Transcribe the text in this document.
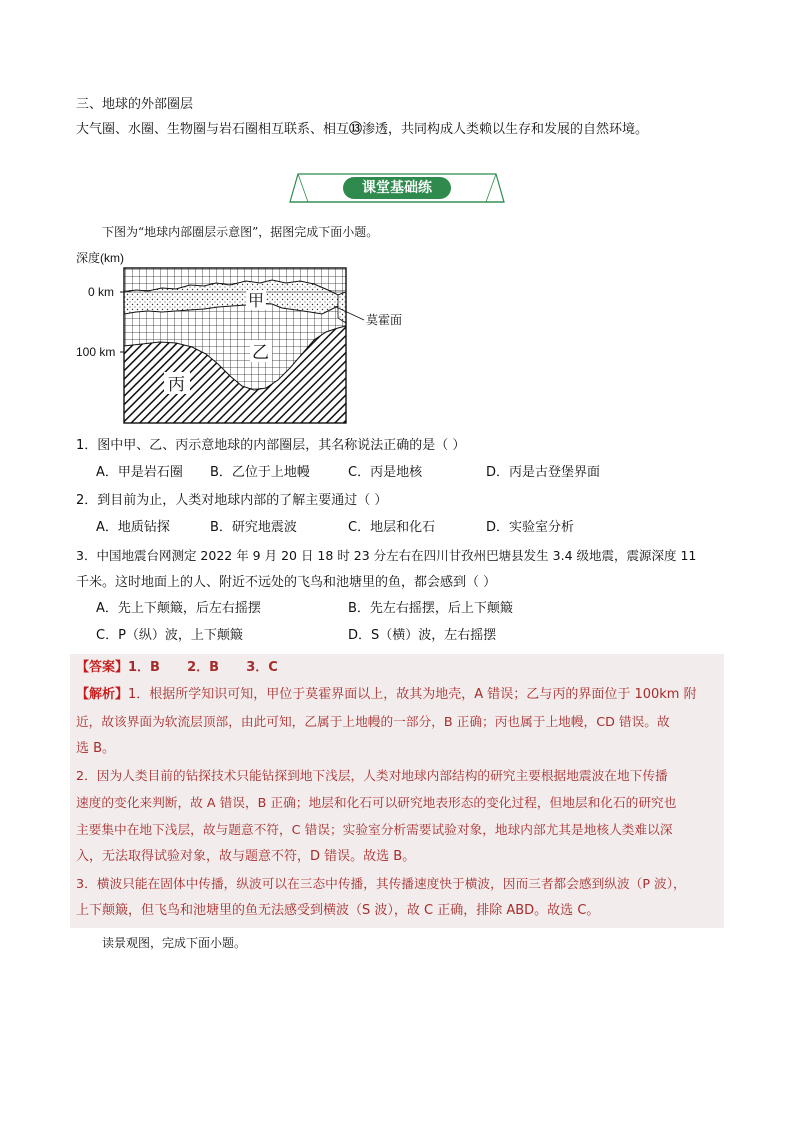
三、地球的外部圈层
大气圈、水圈、生物圈与岩石圈相互联系、相互⑬渗透，共同构成人类赖以生存和发展的自然环境。
课堂基础练
下图为“地球内部圈层示意图”，据图完成下面小题。
深度(km)
0 km
100 km
甲
乙
丙
莫霍面
1．图中甲、乙、丙示意地球的内部圈层，其名称说法正确的是（ ）
A．甲是岩石圈 B．乙位于上地幔	C．丙是地核	D．丙是古登堡界面
2．到目前为止，人类对地球内部的了解主要通过（ ）
A．地质钻探	B．研究地震波	C．地层和化石	D．实验室分析
3．中国地震台网测定 2022 年 9 月 20 日 18 时 23 分左右在四川甘孜州巴塘县发生 3.4 级地震，震源深度 11
千米。这时地面上的人、附近不远处的飞鸟和池塘里的鱼，都会感到（ ）
A．先上下颠簸，后左右摇摆	B．先左右摇摆，后上下颠簸
C．P（纵）波，上下颠簸	D．S（横）波，左右摇摆
【答案】1．B      2．B      3．C
【解析】1．根据所学知识可知，甲位于莫霍界面以上，故其为地壳，A 错误；乙与丙的界面位于 100km 附
近，故该界面为软流层顶部，由此可知，乙属于上地幔的一部分，B 正确；丙也属于上地幔，CD 错误。故
选 B。
2．因为人类目前的钻探技术只能钻探到地下浅层，人类对地球内部结构的研究主要根据地震波在地下传播
速度的变化来判断，故 A 错误，B 正确；地层和化石可以研究地表形态的变化过程，但地层和化石的研究也
主要集中在地下浅层，故与题意不符，C 错误；实验室分析需要试验对象，地球内部尤其是地核人类难以深
入，无法取得试验对象，故与题意不符，D 错误。故选 B。
3．横波只能在固体中传播，纵波可以在三态中传播，其传播速度快于横波，因而三者都会感到纵波（P 波），
上下颠簸，但飞鸟和池塘里的鱼无法感受到横波（S 波），故 C 正确，排除 ABD。故选 C。
读景观图，完成下面小题。
